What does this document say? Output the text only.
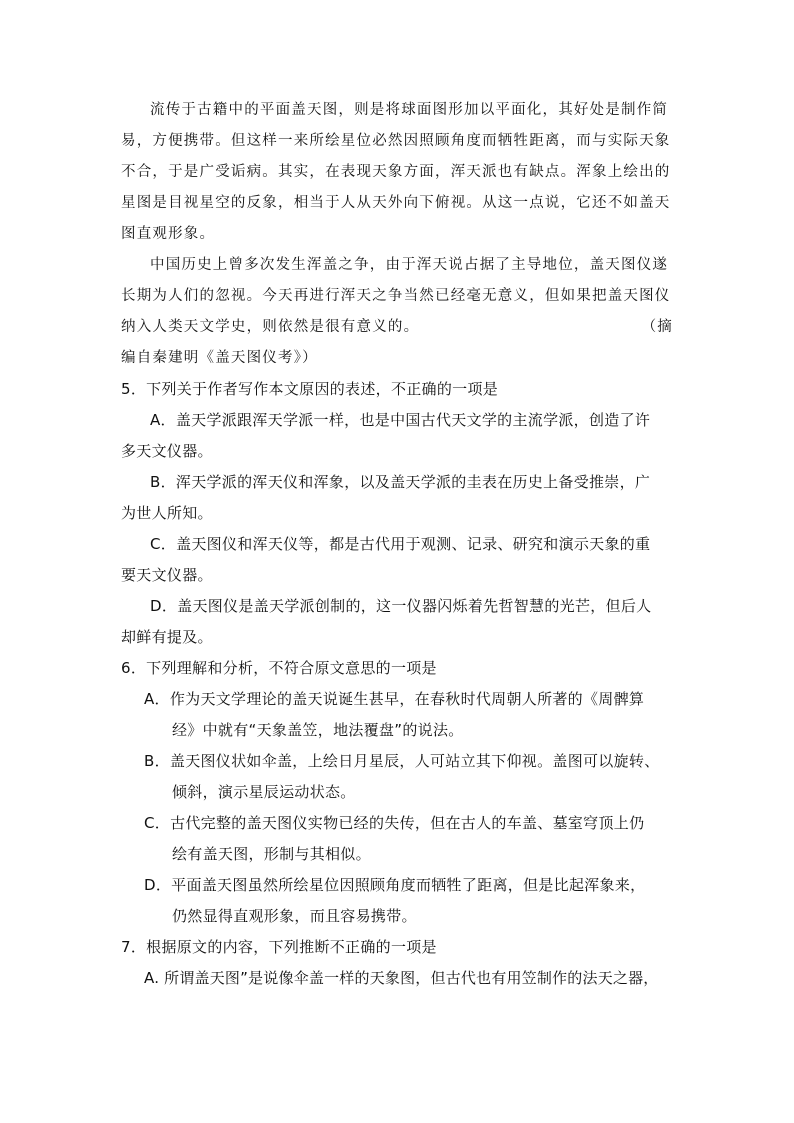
流传于古籍中的平面盖天图，则是将球面图形加以平面化，其好处是制作简
易，方便携带。但这样一来所绘星位必然因照顾角度而牺牲距离，而与实际天象
不合，于是广受诟病。其实，在表现天象方面，浑天派也有缺点。浑象上绘出的
星图是目视星空的反象，相当于人从天外向下俯视。从这一点说，它还不如盖天
图直观形象。
中国历史上曾多次发生浑盖之争，由于浑天说占据了主导地位，盖天图仪遂
长期为人们的忽视。今天再进行浑天之争当然已经毫无意义，但如果把盖天图仪
纳入人类天文学史，则依然是很有意义的。	（摘
编自秦建明《盖天图仪考》）
5．下列关于作者写作本文原因的表述，不正确的一项是
A．盖天学派跟浑天学派一样，也是中国古代天文学的主流学派，创造了许
多天文仪器。
B．浑天学派的浑天仪和浑象，以及盖天学派的圭表在历史上备受推崇，广
为世人所知。
C．盖天图仪和浑天仪等，都是古代用于观测、记录、研究和演示天象的重
要天文仪器。
D．盖天图仪是盖天学派创制的，这一仪器闪烁着先哲智慧的光芒，但后人
却鲜有提及。
6．下列理解和分析，不符合原文意思的一项是
A．作为天文学理论的盖天说诞生甚早，在春秋时代周朝人所著的《周髀算
经》中就有“天象盖笠，地法覆盘”的说法。
B．盖天图仪状如伞盖，上绘日月星辰，人可站立其下仰视。盖图可以旋转、
倾斜，演示星辰运动状态。
C．古代完整的盖天图仪实物已经的失传，但在古人的车盖、墓室穹顶上仍
绘有盖天图，形制与其相似。
D．平面盖天图虽然所绘星位因照顾角度而牺牲了距离，但是比起浑象来，
仍然显得直观形象，而且容易携带。
7．根据原文的内容，下列推断不正确的一项是
A. 所谓盖天图”是说像伞盖一样的天象图，但古代也有用笠制作的法天之器，
